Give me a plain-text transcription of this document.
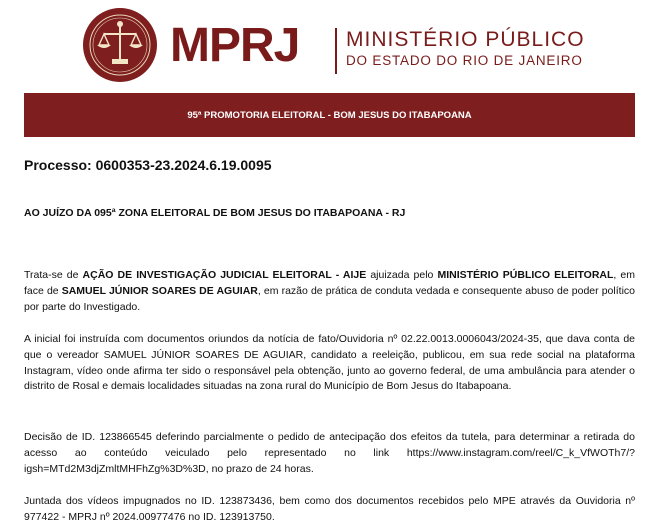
MPRJ MINISTÉRIO PÚBLICO
DO ESTADO DO RIO DE JANEIRO
95ª PROMOTORIA ELEITORAL - BOM JESUS DO ITABAPOANA
Processo: 0600353-23.2024.6.19.0095
AO JUÍZO DA 095ª ZONA ELEITORAL DE BOM JESUS DO ITABAPOANA - RJ

Trata-se de AÇÃO DE INVESTIGAÇÃO JUDICIAL ELEITORAL - AIJE ajuizada pelo MINISTÉRIO PÚBLICO ELEITORAL, em face de SAMUEL JÚNIOR SOARES DE AGUIAR, em razão de prática de conduta vedada e consequente abuso de poder político por parte do Investigado.

A inicial foi instruída com documentos oriundos da notícia de fato/Ouvidoria nº 02.22.0013.0006043/2024-35, que dava conta de que o vereador SAMUEL JÚNIOR SOARES DE AGUIAR, candidato a reeleição, publicou, em sua rede social na plataforma Instagram, vídeo onde afirma ter sido o responsável pela obtenção, junto ao governo federal, de uma ambulância para atender o distrito de Rosal e demais localidades situadas na zona rural do Município de Bom Jesus do Itabapoana.

Decisão de ID. 123866545 deferindo parcialmente o pedido de antecipação dos efeitos da tutela, para determinar a retirada do acesso ao conteúdo veiculado pelo representado no link https://www.instagram.com/reel/C_k_VfWOTh7/?igsh=MTd2M3djZmltMHFhZg%3D%3D, no prazo de 24 horas.

Juntada dos vídeos impugnados no ID. 123873436, bem como dos documentos recebidos pelo MPE através da Ouvidoria nº 977422 - MPRJ nº 2024.00977476 no ID. 123913750.
